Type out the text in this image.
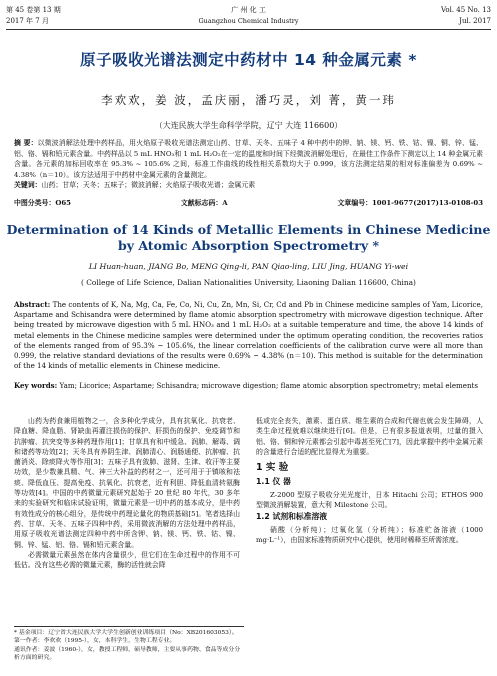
第 45 卷第 13 期	广 州 化 工	Vol. 45 No. 13
2017 年 7 月	Guangzhou Chemical Industry	Jul. 2017
原子吸收光谱法测定中药材中 14 种金属元素 *
李欢欢，姜 波，孟庆丽，潘巧灵，刘 菁，黄一玮
（大连民族大学生命科学学院，辽宁 大连 116600）
摘 要：以微波消解法处理中药样品，用火焰原子吸收光谱法测定山药、甘草、天冬、五味子 4 种中药中的钾、钠、镁、钙、铁、钴、镍、铜、锌、锰、铝、铬、镉和铅元素含量。中药样品以 5 mL HNO₃和 1 mL H₂O₂在一定的温度和时间下经微波消解处理后，在最佳工作条件下测定以上 14 种金属元素含量。各元素的加标回收率在 95.3% ~ 105.6% 之间，标准工作曲线的线性相关系数均大于 0.999，该方法测定结果的相对标准偏差为 0.69% ~ 4.38%（n＝10）。该方法适用于中药材中金属元素的含量测定。
关键词：山药；甘草；天冬；五味子；微波消解；火焰原子吸收光谱；金属元素
中图分类号：O65	文献标志码：A	文章编号：1001-9677(2017)13-0108-03
Determination of 14 Kinds of Metallic Elements in Chinese Medicine
by Atomic Absorption Spectrometry *
LI Huan-huan, JIANG Bo, MENG Qing-li, PAN Qiao-ling, LIU Jing, HUANG Yi-wei
( College of Life Science, Dalian Nationalities University, Liaoning Dalian 116600, China)
Abstract: The contents of K, Na, Mg, Ca, Fe, Co, Ni, Cu, Zn, Mn, Si, Cr, Cd and Pb in Chinese medicine samples of Yam, Licorice, Aspartame and Schisandra were determined by flame atomic absorption spectrometry with microwave digestion technique. After being treated by microwave digestion with 5 mL HNO₃ and 1 mL H₂O₂ at a suitable temperature and time, the above 14 kinds of metal elements in the Chinese medicine samples were determined under the optimum operating condition, the recoveries ratios of the elements ranged from of 95.3% ~ 105.6%, the linear correlation coefficients of the calibration curve were all more than 0.999, the relative standard deviations of the results were 0.69% ~ 4.38% (n＝10). This method is suitable for the determination of the 14 kinds of metallic elements in Chinese medicine.
Key words: Yam; Licorice; Aspartame; Schisandra; microwave digestion; flame atomic absorption spectrometry; metal elements

山药为药食兼用植物之一，含多种化学成分，具有抗氧化、抗衰老、降血糖、降血脂、肾缺血再灌注损伤的保护、肝损伤的保护、免疫调节和抗肿瘤、抗突变等多种药理作用[1]；甘草具有和中缓急、润肺、解毒、调和诸药等功效[2]；天冬具有养阴生津、润肺清心、润肠通便、抗肿瘤、抗菌消炎、除痰降火等作用[3]；五味子具有敛肺、滋肾、生津、收汗等主要功效，是少数兼具精、气、神三大补益的药材之一，还可用于于镇咳和祛痰、降低血压、提高免疫、抗氧化、抗衰老，近有利胆、降低血清转氨酶等功效[4]。中国的中药微量元素研究起始于 20 世纪 80 年代，30 多年来的实验研究和临床试验证明，微量元素是一切中药的基本成分，是中药有效性成分的核心组分，是传统中药理论量化的物质基础[5]。笔者选择山药、甘草、天冬、五味子四种中药，采用微波消解的方法处理中药样品，用原子吸收光谱法测定四种中药中所含钾、钠、镁、钙、铁、钴、镍、铜、锌、锰、铝、铬、镉和铅元素含量。

必需微量元素虽然在体内含量很少，但它们在生命过程中的作用不可低估。没有这些必需的微量元素，酶的活性就会降

低或完全丧失，激素、蛋白质、维生素的合成和代谢也就会发生障碍，人类生命过程就难以继续进行[6]。但是，已有很多报道表明，过量的摄入铝、铬、铜和锌元素都会引起中毒甚至死亡[7]，因此掌握中药中金属元素的含量进行合适的配比显得尤为重要。

1 实 验
1.1 仪 器

Z-2000 型原子吸收分光光度计，日本 Hitachi 公司；ETHOS 900 型微波消解装置，意大利 Milestone 公司。

1.2 试剂和标准溶液

硝酸（分析纯）；过氧化氢（分析纯）；标准贮备溶液（1000 mg·L⁻¹），由国家标准物质研究中心提供，使用时稀释至所需浓度。

* 基金项目：辽宁省大连民族大学大学生创新创业训练项目（No：XB201603053）。
第一作者：李欢欢（1995-），女，本科学生，生物工程专业。
通讯作者：姜波（1960-），女，教授工程师，硕导教师，主要从事药物、食品等成分分析方面的研究。
